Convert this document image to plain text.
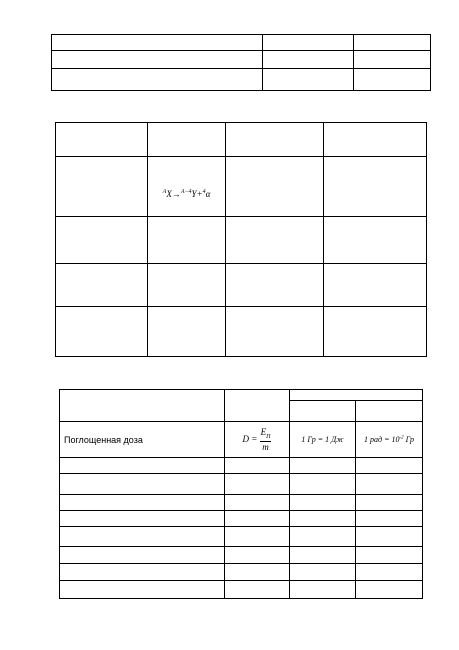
	$^A$X→$^{A-4}$Y+$^4$α		

Поглощенная доза	$D = \frac{E_П}{m}$	1 Гр = 1 Дж	1 рад = $10^{-2}$ Гр
